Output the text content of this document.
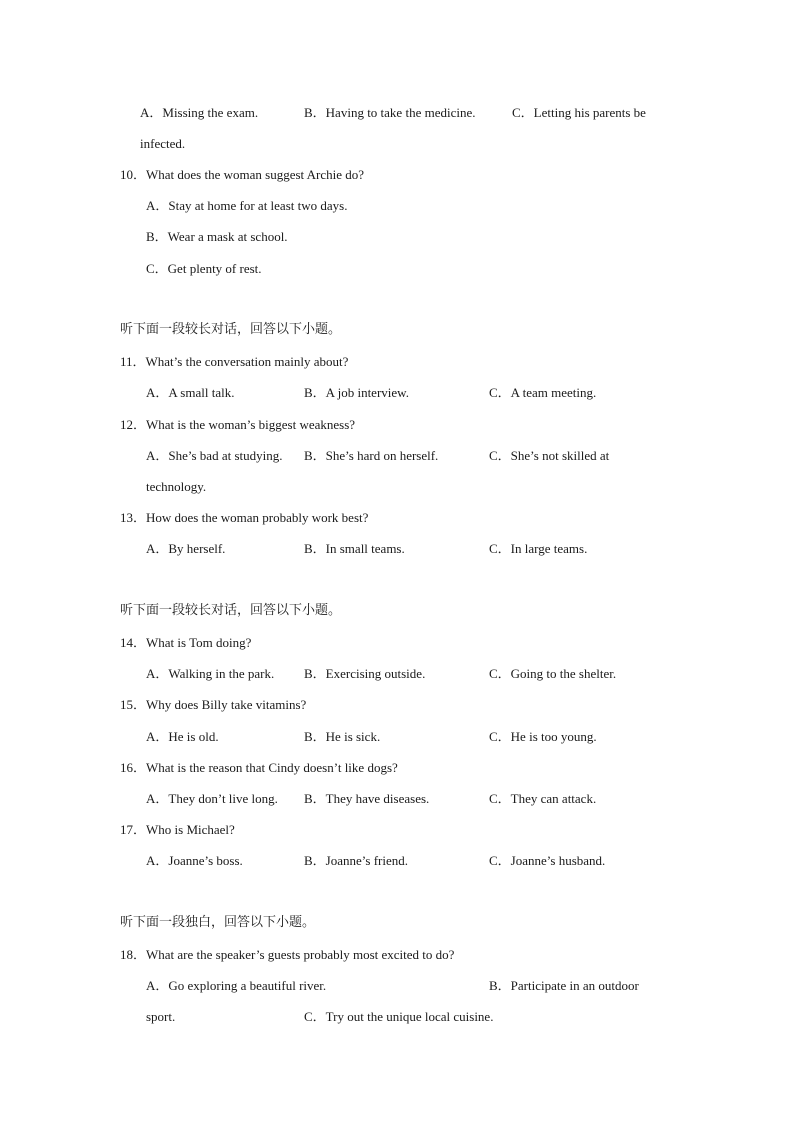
A．Missing the exam.	B．Having to take the medicine.	C．Letting his parents be
infected.
10．What does the woman suggest Archie do?
A．Stay at home for at least two days.
B．Wear a mask at school.
C．Get plenty of rest.
听下面一段较长对话，回答以下小题。
11．What’s the conversation mainly about?
A．A small talk.	B．A job interview.	C．A team meeting.
12．What is the woman’s biggest weakness?
A．She’s bad at studying. B．She’s hard on herself.	C．She’s not skilled at
technology.
13．How does the woman probably work best?
A．By herself.	B．In small teams.	C．In large teams.
听下面一段较长对话，回答以下小题。
14．What is Tom doing?
A．Walking in the park. B．Exercising outside.	C．Going to the shelter.
15．Why does Billy take vitamins?
A．He is old.	B．He is sick.	C．He is too young.
16．What is the reason that Cindy doesn’t like dogs?
A．They don’t live long. B．They have diseases.	C．They can attack.
17．Who is Michael?
A．Joanne’s boss.	B．Joanne’s friend.	C．Joanne’s husband.
听下面一段独白，回答以下小题。
18．What are the speaker’s guests probably most excited to do?
A．Go exploring a beautiful river.	B．Participate in an outdoor
sport.	C．Try out the unique local cuisine.
